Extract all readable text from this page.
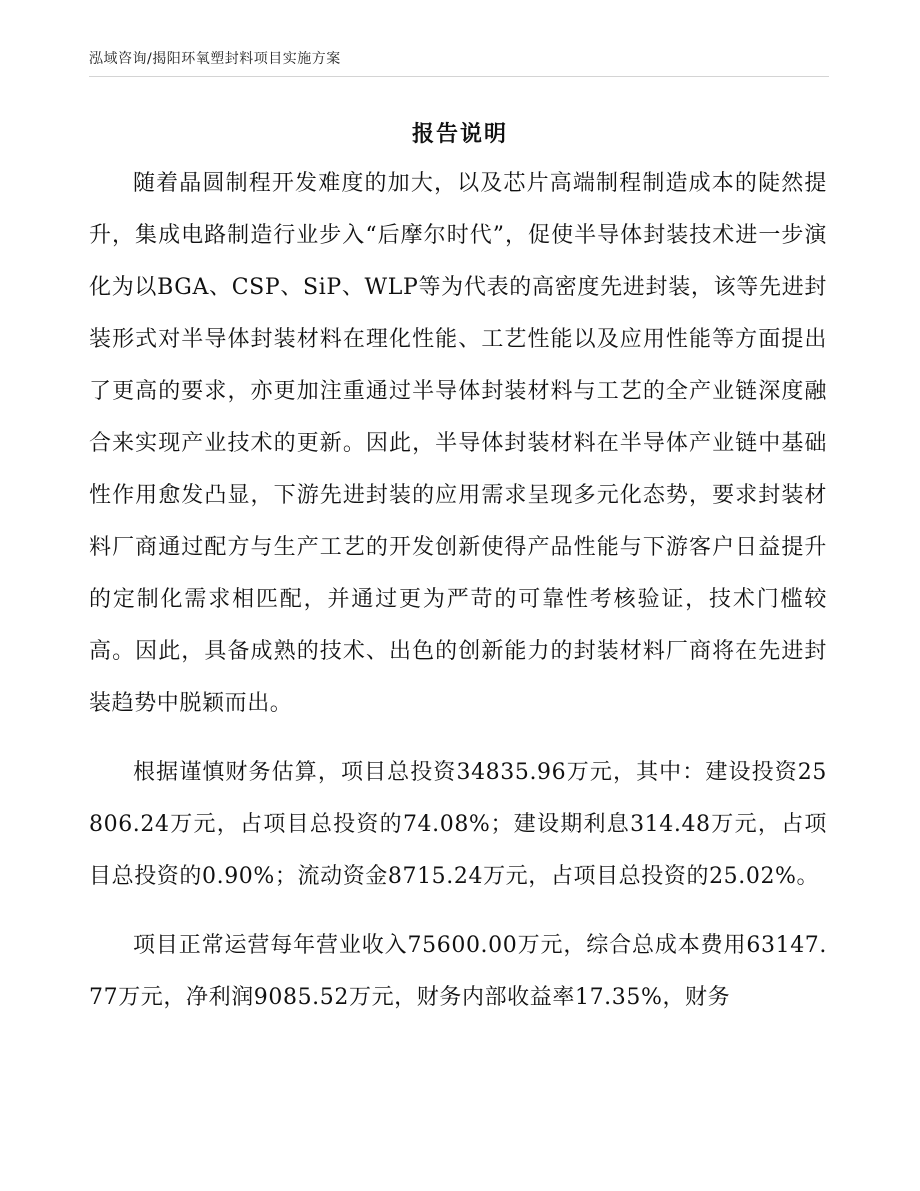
泓域咨询/揭阳环氧塑封料项目实施方案
报告说明

随着晶圆制程开发难度的加大，以及芯片高端制程制造成本的陡然提升，集成电路制造行业步入“后摩尔时代”，促使半导体封装技术进一步演化为以BGA、CSP、SiP、WLP等为代表的高密度先进封装，该等先进封装形式对半导体封装材料在理化性能、工艺性能以及应用性能等方面提出了更高的要求，亦更加注重通过半导体封装材料与工艺的全产业链深度融合来实现产业技术的更新。因此，半导体封装材料在半导体产业链中基础性作用愈发凸显，下游先进封装的应用需求呈现多元化态势，要求封装材料厂商通过配方与生产工艺的开发创新使得产品性能与下游客户日益提升的定制化需求相匹配，并通过更为严苛的可靠性考核验证，技术门槛较高。因此，具备成熟的技术、出色的创新能力的封装材料厂商将在先进封装趋势中脱颖而出。

根据谨慎财务估算，项目总投资34835.96万元，其中：建设投资25806.24万元，占项目总投资的74.08%；建设期利息314.48万元，占项目总投资的0.90%；流动资金8715.24万元，占项目总投资的25.02%。

项目正常运营每年营业收入75600.00万元，综合总成本费用63147.77万元，净利润9085.52万元，财务内部收益率17.35%，财务
